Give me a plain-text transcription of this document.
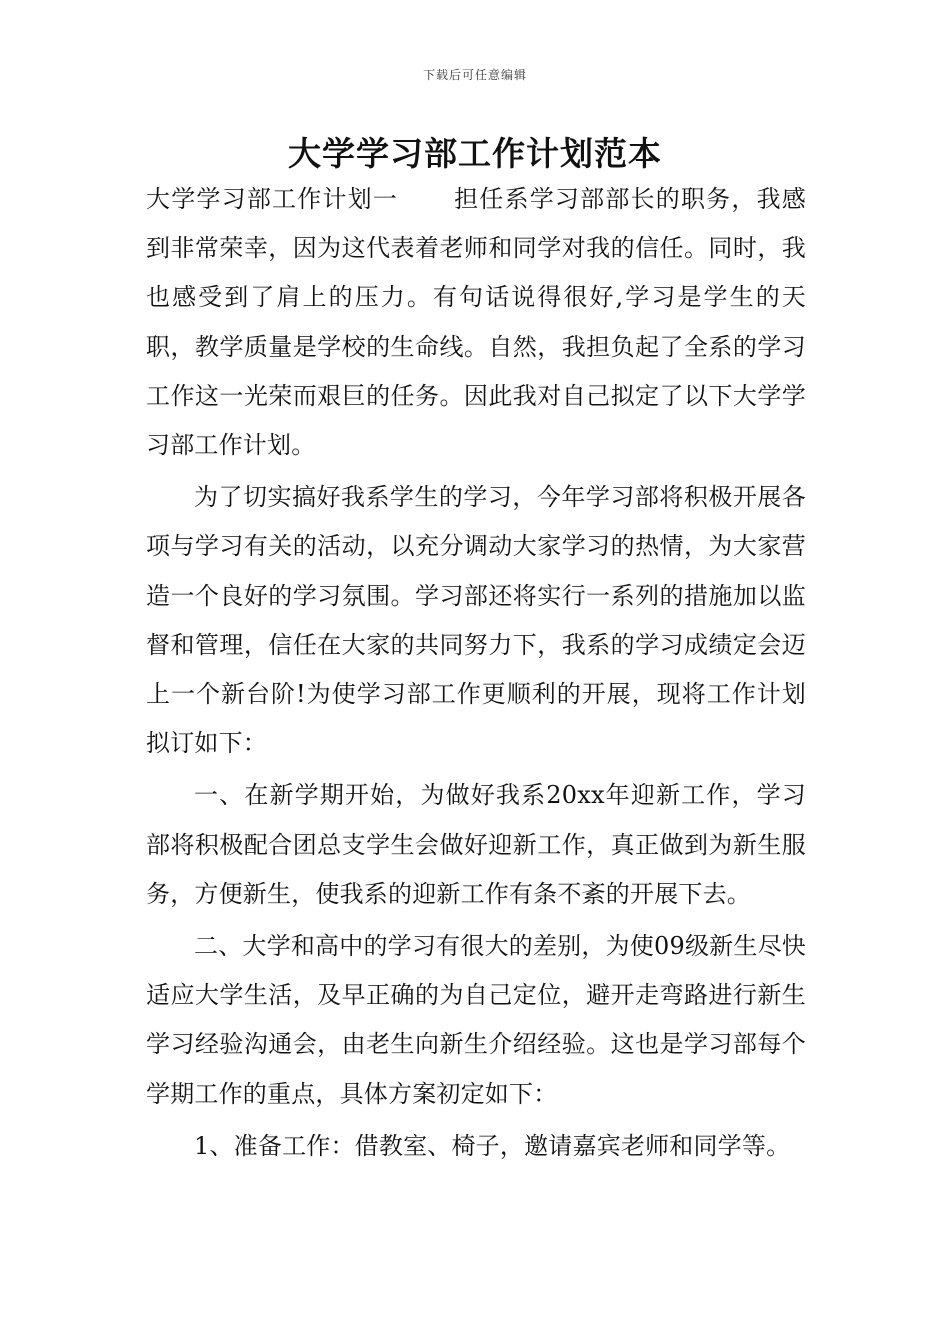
下载后可任意编辑
大学学习部工作计划范本

大学学习部工作计划一 担任系学习部部长的职务，我感到非常荣幸，因为这代表着老师和同学对我的信任。同时，我也感受到了肩上的压力。有句话说得很好,学习是学生的天职，教学质量是学校的生命线。自然，我担负起了全系的学习工作这一光荣而艰巨的任务。因此我对自己拟定了以下大学学习部工作计划。

为了切实搞好我系学生的学习，今年学习部将积极开展各项与学习有关的活动，以充分调动大家学习的热情，为大家营造一个良好的学习氛围。学习部还将实行一系列的措施加以监督和管理，信任在大家的共同努力下，我系的学习成绩定会迈上一个新台阶!为使学习部工作更顺利的开展，现将工作计划拟订如下：

一、在新学期开始，为做好我系20xx年迎新工作，学习部将积极配合团总支学生会做好迎新工作，真正做到为新生服务，方便新生，使我系的迎新工作有条不紊的开展下去。

二、大学和高中的学习有很大的差别，为使09级新生尽快适应大学生活，及早正确的为自己定位，避开走弯路进行新生学习经验沟通会，由老生向新生介绍经验。这也是学习部每个学期工作的重点，具体方案初定如下：

1、准备工作：借教室、椅子，邀请嘉宾老师和同学等。
